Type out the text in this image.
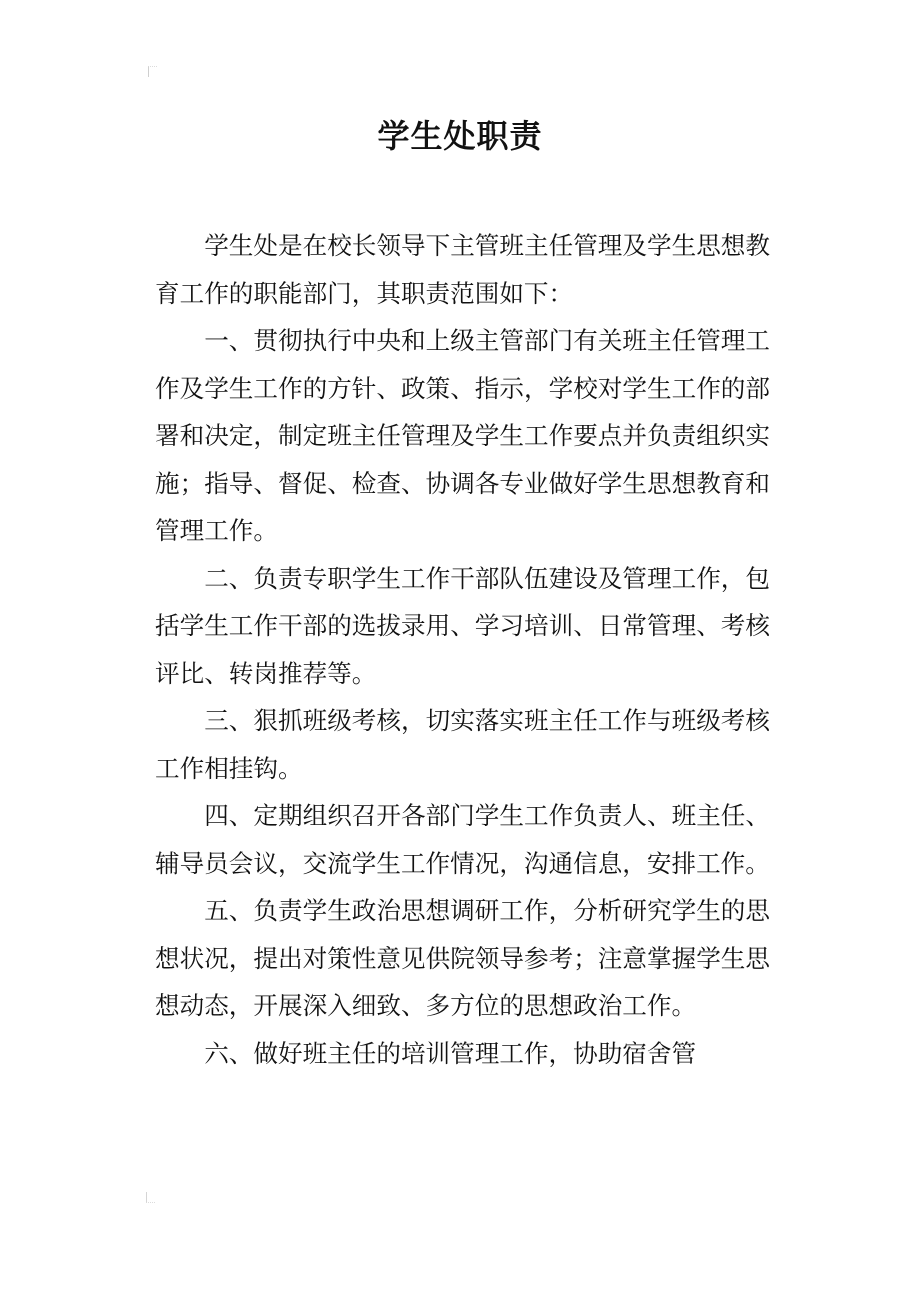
学生处职责

学生处是在校长领导下主管班主任管理及学生思想教育工作的职能部门，其职责范围如下：

一、贯彻执行中央和上级主管部门有关班主任管理工作及学生工作的方针、政策、指示，学校对学生工作的部署和决定，制定班主任管理及学生工作要点并负责组织实施；指导、督促、检查、协调各专业做好学生思想教育和管理工作。

二、负责专职学生工作干部队伍建设及管理工作，包括学生工作干部的选拔录用、学习培训、日常管理、考核评比、转岗推荐等。

三、狠抓班级考核，切实落实班主任工作与班级考核工作相挂钩。

四、定期组织召开各部门学生工作负责人、班主任、辅导员会议，交流学生工作情况，沟通信息，安排工作。

五、负责学生政治思想调研工作，分析研究学生的思想状况，提出对策性意见供院领导参考；注意掌握学生思想动态，开展深入细致、多方位的思想政治工作。

六、做好班主任的培训管理工作，协助宿舍管
